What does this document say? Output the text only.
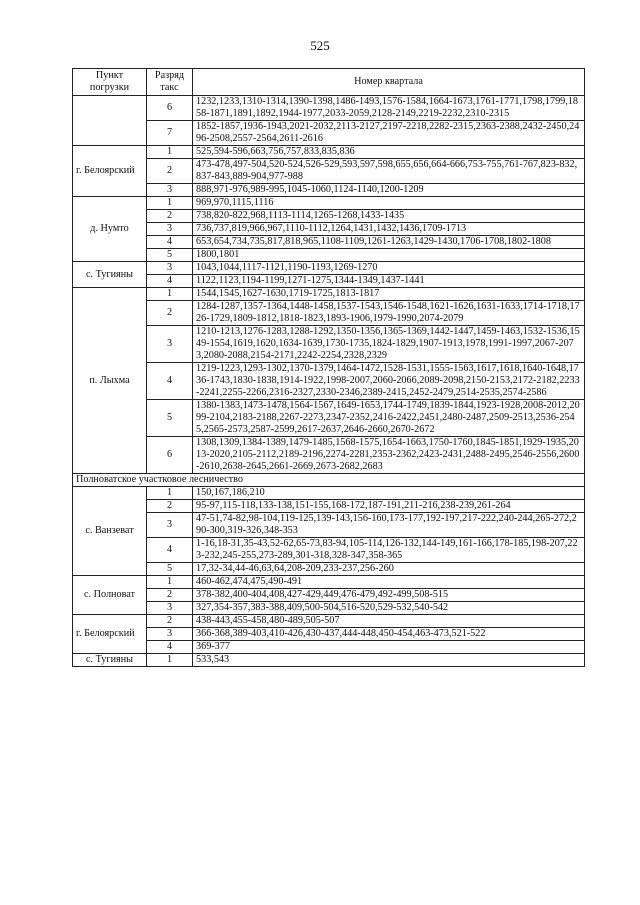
525
Пункт погрузки	Разряд такс	Номер квартала
	6	1232,1233,1310-1314,1390-1398,1486-1493,1576-1584,1664-1673,1761-1771,1798,1799,1858-1871,1891,1892,1944-1977,2033-2059,2128-2149,2219-2232,2310-2315
	7	1852-1857,1936-1943,2021-2032,2113-2127,2197-2218,2282-2315,2363-2388,2432-2450,2496-2508,2557-2564,2611-2616
г. Белоярский	1	525,594-596,663,756,757,833,835,836
	2	473-478,497-504,520-524,526-529,593,597,598,655,656,664-666,753-755,761-767,823-832,837-843,889-904,977-988
	3	888,971-976,989-995,1045-1060,1124-1140,1200-1209
д. Нумто	1	969,970,1115,1116
	2	738,820-822,968,1113-1114,1265-1268,1433-1435
	3	736,737,819,966,967,1110-1112,1264,1431,1432,1436,1709-1713
	4	653,654,734,735,817,818,965,1108-1109,1261-1263,1429-1430,1706-1708,1802-1808
	5	1800,1801
с. Тугияны	3	1043,1044,1117-1121,1190-1193,1269-1270
	4	1122,1123,1194-1199,1271-1275,1344-1349,1437-1441
п. Лыхма	1	1544,1545,1627-1630,1719-1725,1813-1817
	2	1284-1287,1357-1364,1448-1458,1537-1543,1546-1548,1621-1626,1631-1633,1714-1718,1726-1729,1809-1812,1818-1823,1893-1906,1979-1990,2074-2079
	3	1210-1213,1276-1283,1288-1292,1350-1356,1365-1369,1442-1447,1459-1463,1532-1536,1549-1554,1619,1620,1634-1639,1730-1735,1824-1829,1907-1913,1978,1991-1997,2067-2073,2080-2088,2154-2171,2242-2254,2328,2329
	4	1219-1223,1293-1302,1370-1379,1464-1472,1528-1531,1555-1563,1617,1618,1640-1648,1736-1743,1830-1838,1914-1922,1998-2007,2060-2066,2089-2098,2150-2153,2172-2182,2233-2241,2255-2266,2316-2327,2330-2346,2389-2415,2452-2479,2514-2535,2574-2586
	5	1380-1383,1473-1478,1564-1567,1649-1653,1744-1749,1839-1844,1923-1928,2008-2012,2099-2104,2183-2188,2267-2273,2347-2352,2416-2422,2451,2480-2487,2509-2513,2536-2545,2565-2573,2587-2599,2617-2637,2646-2660,2670-2672
	6	1308,1309,1384-1389,1479-1485,1568-1575,1654-1663,1750-1760,1845-1851,1929-1935,2013-2020,2105-2112,2189-2196,2274-2281,2353-2362,2423-2431,2488-2495,2546-2556,2600-2610,2638-2645,2661-2669,2673-2682,2683
Полноватское участковое лесничество		
с. Ванзеват	1	150,167,186,210
	2	95-97,115-118,133-138,151-155,168-172,187-191,211-216,238-239,261-264
	3	47-51,74-82,98-104,119-125,139-143,156-160,173-177,192-197,217-222,240-244,265-272,290-300,319-326,348-353
	4	1-16,18-31,35-43,52-62,65-73,83-94,105-114,126-132,144-149,161-166,178-185,198-207,223-232,245-255,273-289,301-318,328-347,358-365
	5	17,32-34,44-46,63,64,208-209,233-237,256-260
с. Полноват	1	460-462,474,475,490-491
	2	378-382,400-404,408,427-429,449,476-479,492-499,508-515
	3	327,354-357,383-388,409,500-504,516-520,529-532,540-542
г. Белоярский	2	438-443,455-458,480-489,505-507
	3	366-368,389-403,410-426,430-437,444-448,450-454,463-473,521-522
	4	369-377
с. Тугияны	1	533,543
